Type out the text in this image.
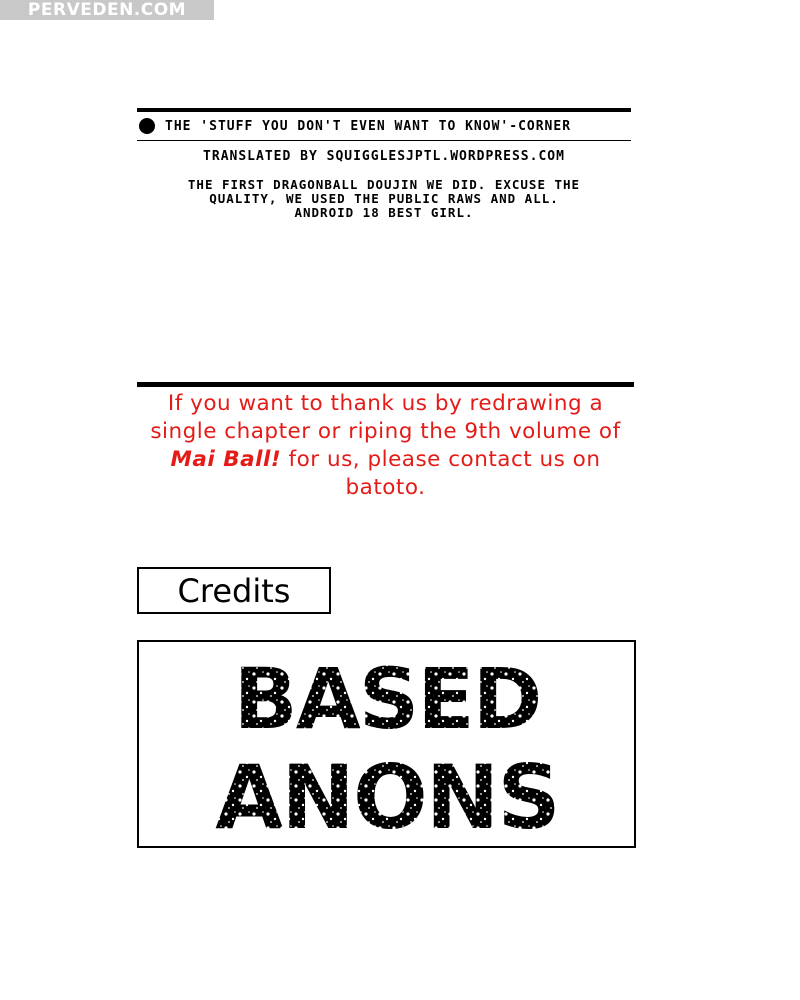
PERVEDEN.COM
THE 'STUFF YOU DON'T EVEN WANT TO KNOW'-CORNER
TRANSLATED BY SQUIGGLESJPTL.WORDPRESS.COM
THE FIRST DRAGONBALL DOUJIN WE DID. EXCUSE THE
QUALITY, WE USED THE PUBLIC RAWS AND ALL.
ANDROID 18 BEST GIRL.
If you want to thank us by redrawing a single chapter or riping the 9th volume of Mai Ball! for us, please contact us on batoto.
Credits
BASED
ANONS
